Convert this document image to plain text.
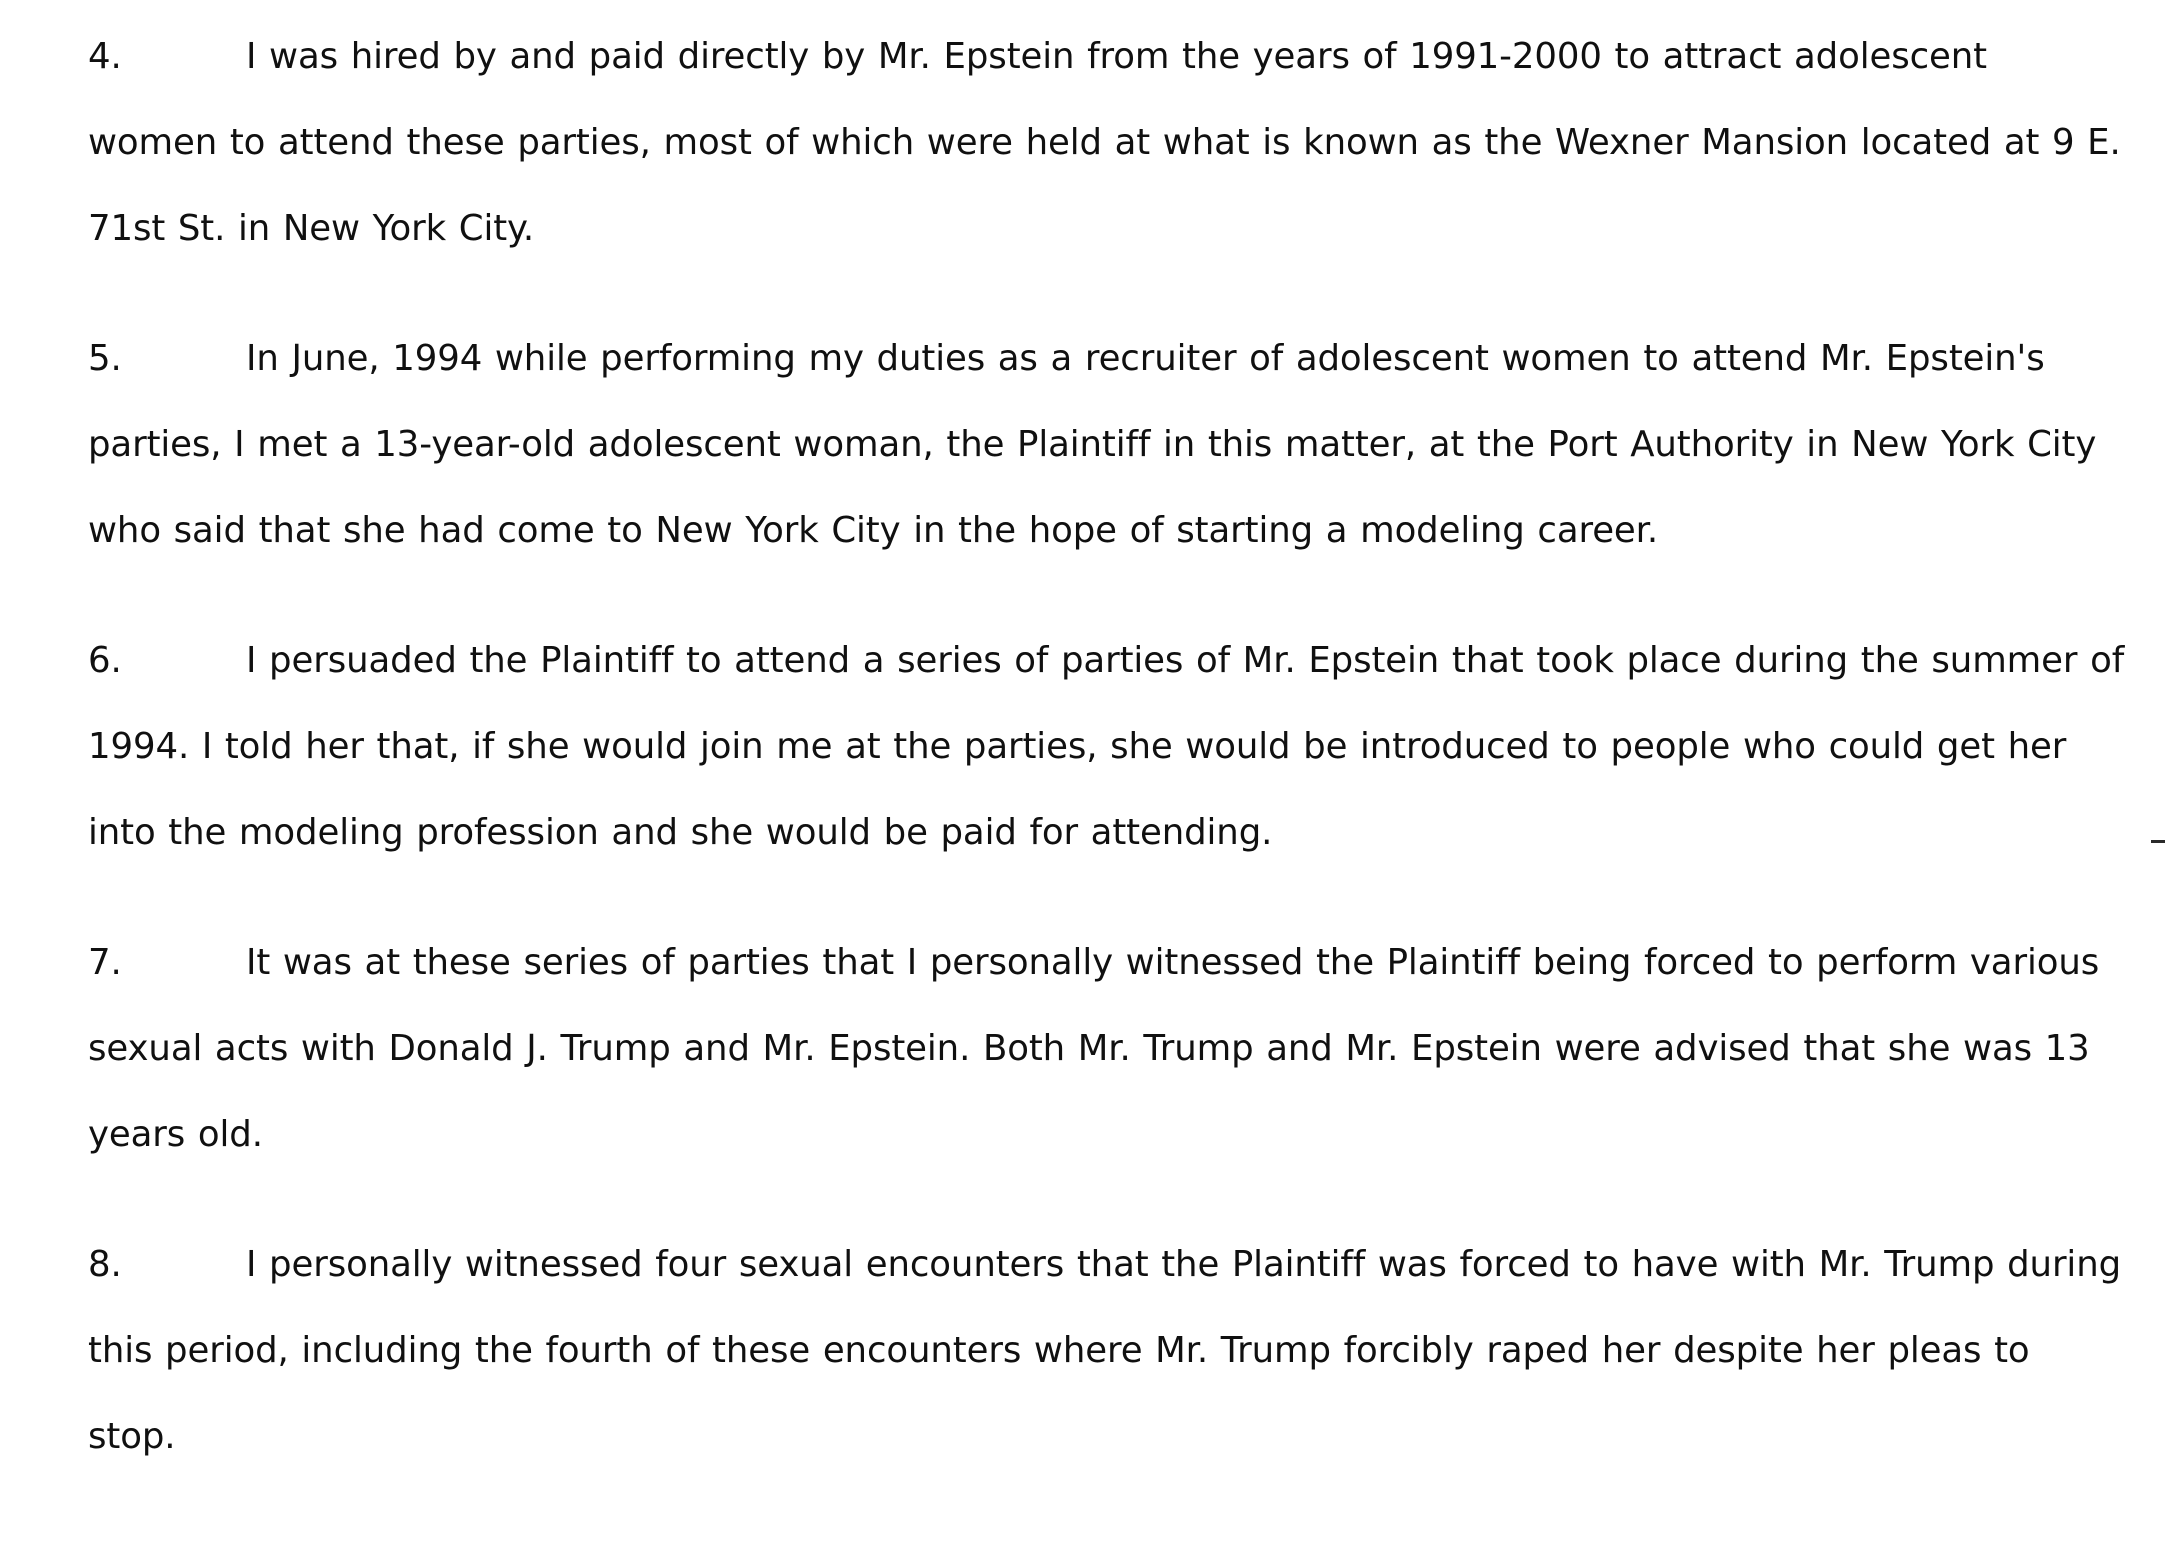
4.	I was hired by and paid directly by Mr. Epstein from the years of 1991-2000 to attract adolescent women to attend these parties, most of which were held at what is known as the Wexner Mansion located at 9 E. 71st St. in New York City.

5.	In June, 1994 while performing my duties as a recruiter of adolescent women to attend Mr. Epstein's parties, I met a 13-year-old adolescent woman, the Plaintiff in this matter, at the Port Authority in New York City who said that she had come to New York City in the hope of starting a modeling career.

6.	I persuaded the Plaintiff to attend a series of parties of Mr. Epstein that took place during the summer of 1994. I told her that, if she would join me at the parties, she would be introduced to people who could get her into the modeling profession and she would be paid for attending.

7.	It was at these series of parties that I personally witnessed the Plaintiff being forced to perform various sexual acts with Donald J. Trump and Mr. Epstein. Both Mr. Trump and Mr. Epstein were advised that she was 13 years old.

8.	I personally witnessed four sexual encounters that the Plaintiff was forced to have with Mr. Trump during this period, including the fourth of these encounters where Mr. Trump forcibly raped her despite her pleas to stop.
